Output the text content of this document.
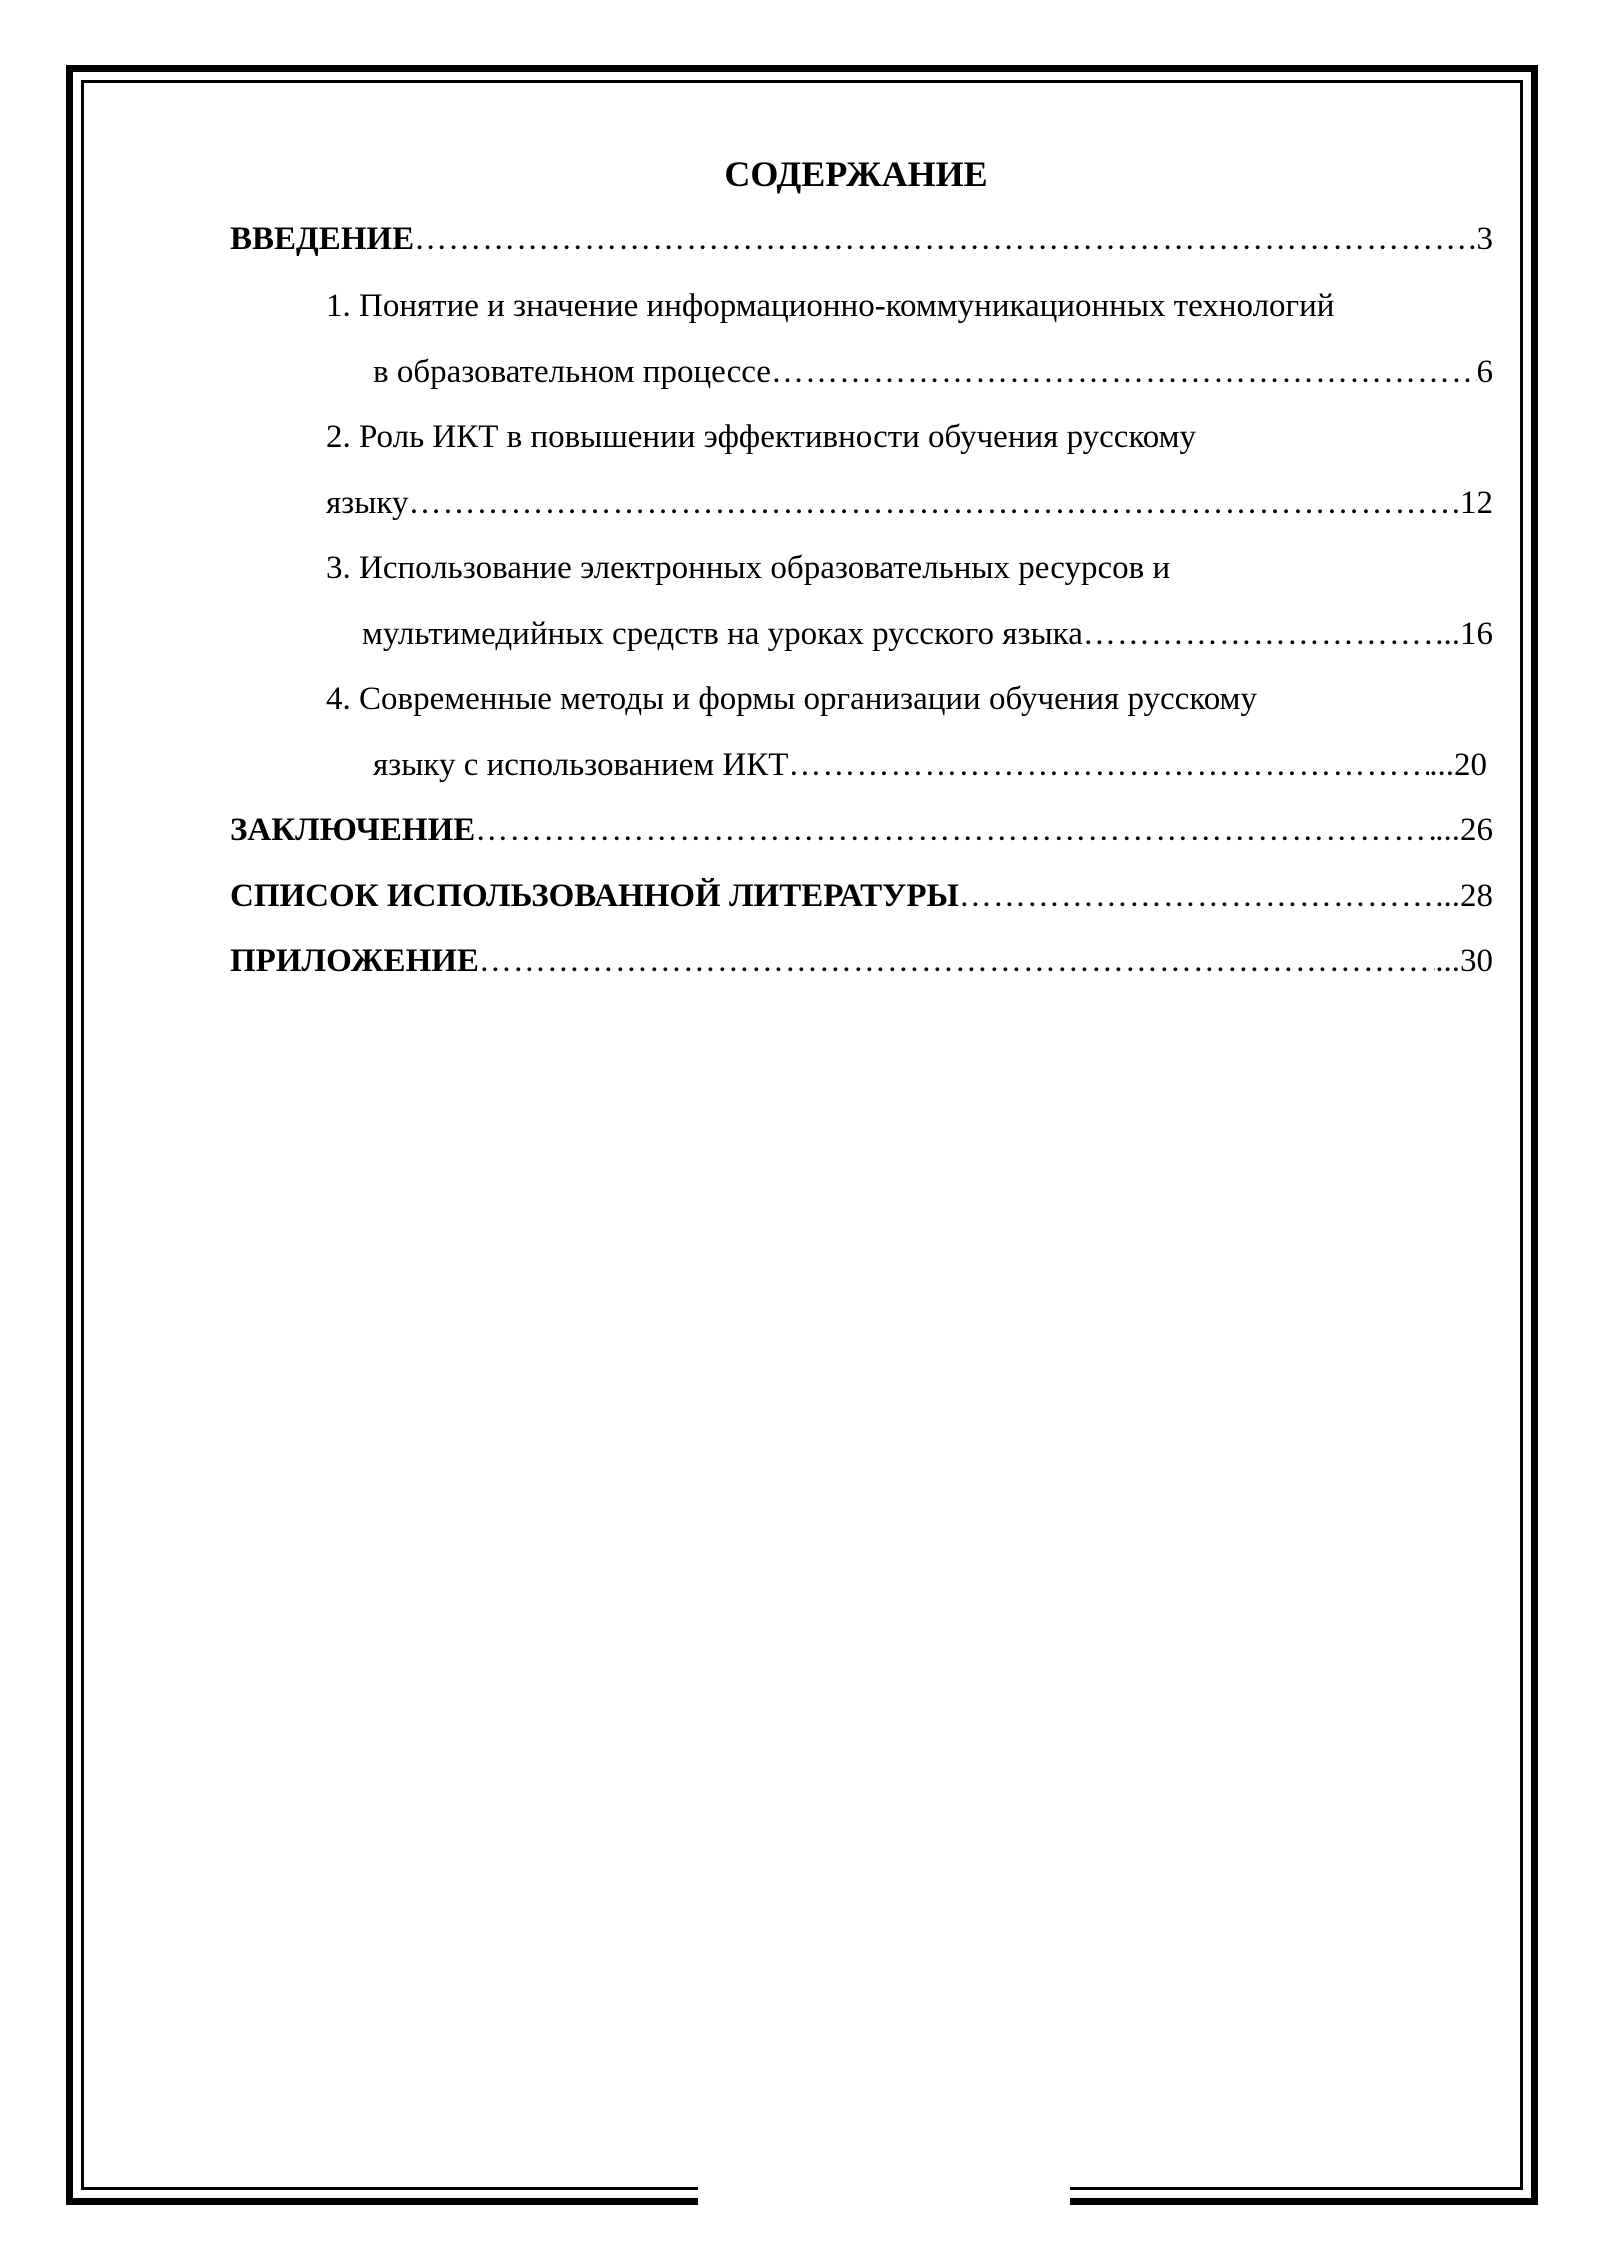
СОДЕРЖАНИЕ
ВВЕДЕНИЕ ……………………………………………………………………………………………………………………………………………………………………………………………………	.3
1. Понятие и значение информационно-коммуникационных технологий
в образовательном процессе ……………………………………………………………………………………………………………………………………………………………………………………………………	6
2. Роль ИКТ в повышении эффективности обучения русскому
языку ……………………………………………………………………………………………………………………………………………………………………………………………………	.12
3. Использование электронных образовательных ресурсов и
мультимедийных средств на уроках русского языка ……………………………………………………………………………………………………………………………………………………………………………………………………	...16
4. Современные методы и формы организации обучения русскому
языку с использованием ИКТ ……………………………………………………………………………………………………………………………………………………………………………………………………	...20
ЗАКЛЮЧЕНИЕ ……………………………………………………………………………………………………………………………………………………………………………………………………	...26
СПИСОК ИСПОЛЬЗОВАННОЙ ЛИТЕРАТУРЫ ……………………………………………………………………………………………………………………………………………………………………………………………………	...28
ПРИЛОЖЕНИЕ ……………………………………………………………………………………………………………………………………………………………………………………………………	...30
